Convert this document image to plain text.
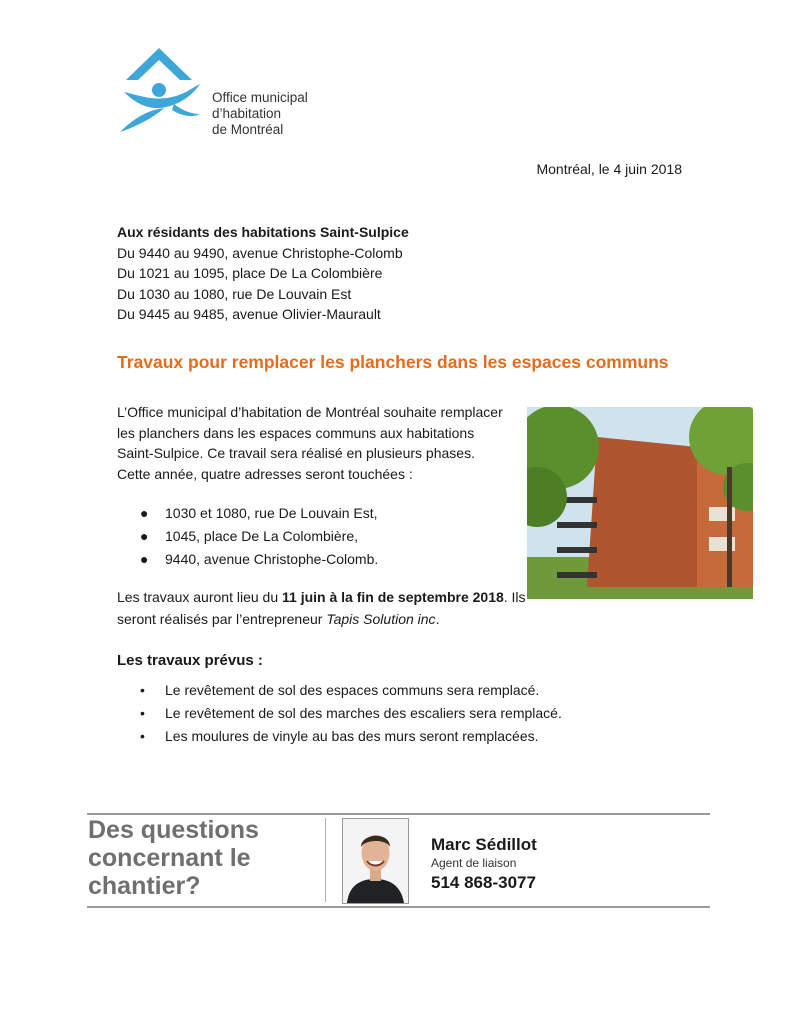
Office municipal
d’habitation
de Montréal
Montréal, le 4 juin 2018
Aux résidants des habitations Saint-Sulpice
Du 9440 au 9490, avenue Christophe-Colomb
Du 1021 au 1095, place De La Colombière
Du 1030 au 1080, rue De Louvain Est
Du 9445 au 9485, avenue Olivier-Maurault
Travaux pour remplacer les planchers dans les espaces communs
L’Office municipal d’habitation de Montréal souhaite remplacer les planchers dans les espaces communs aux habitations Saint-Sulpice. Ce travail sera réalisé en plusieurs phases. Cette année, quatre adresses seront touchées :
● 1030 et 1080, rue De Louvain Est,
● 1045, place De La Colombière,
● 9440, avenue Christophe-Colomb.
Les travaux auront lieu du 11 juin à la fin de septembre 2018. Ils seront réalisés par l’entrepreneur Tapis Solution inc.
Les travaux prévus :
• Le revêtement de sol des espaces communs sera remplacé.
• Le revêtement de sol des marches des escaliers sera remplacé.
• Les moulures de vinyle au bas des murs seront remplacées.
Des questions
concernant le
chantier?
Marc Sédillot
Agent de liaison
514 868-3077
